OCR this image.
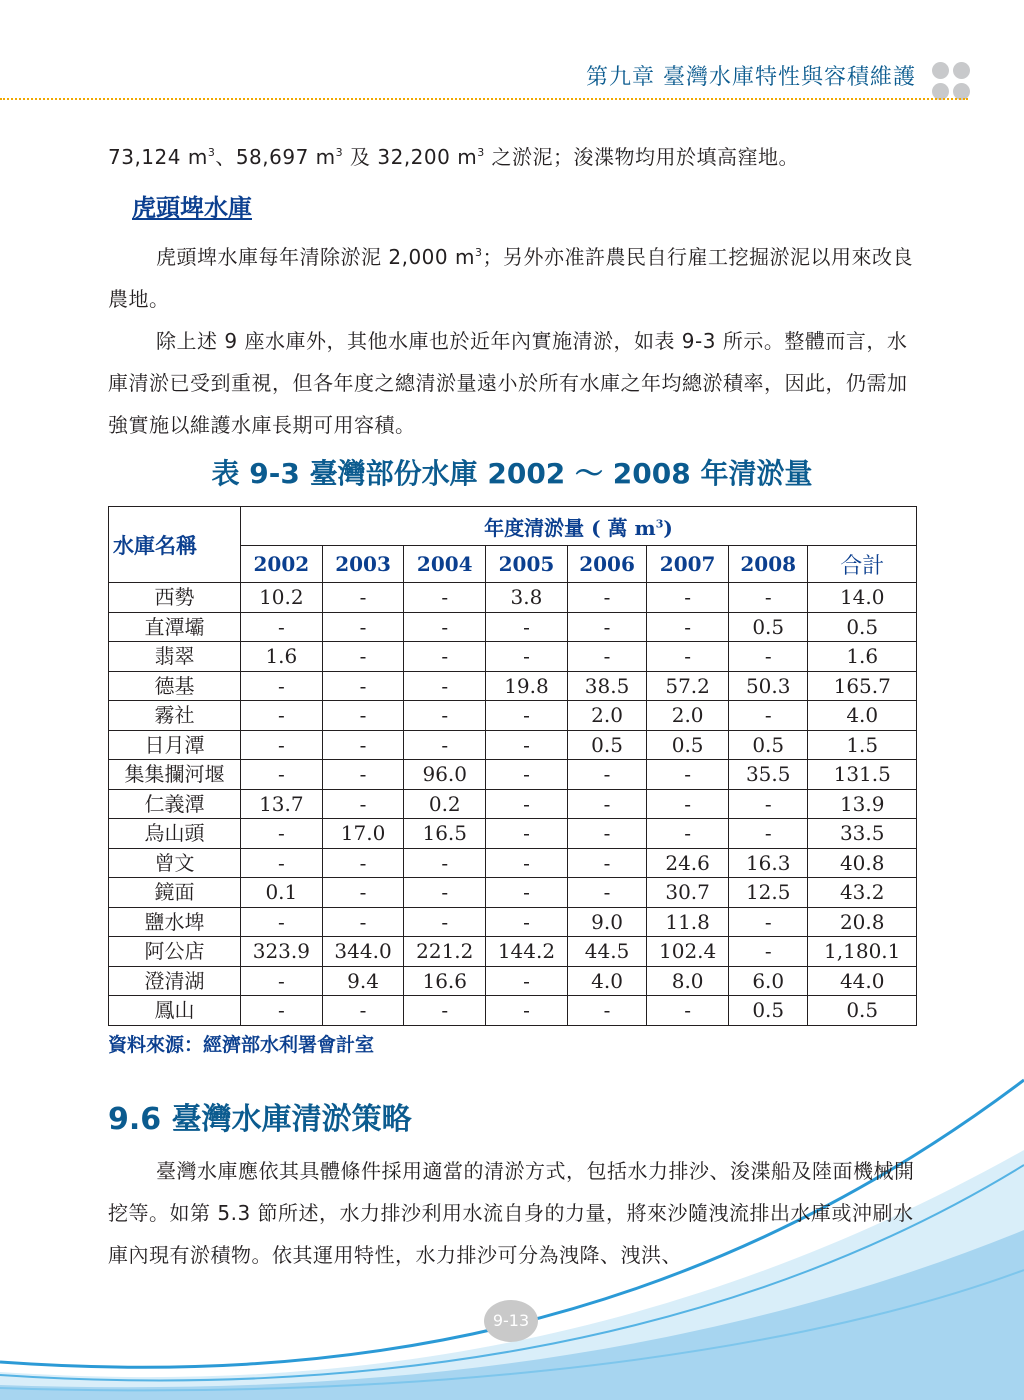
第九章 臺灣水庫特性與容積維護
73,124 $m^3$、58,697 $m^3$ 及 32,200 $m^3$ 之淤泥；浚渫物均用於填高窪地。
虎頭埤水庫
虎頭埤水庫每年清除淤泥 2,000 $m^3$；另外亦准許農民自行雇工挖掘淤泥以用來改良農地。
除上述 9 座水庫外，其他水庫也於近年內實施清淤，如表 9-3 所示。整體而言，水庫清淤已受到重視，但各年度之總清淤量遠小於所有水庫之年均總淤積率，因此，仍需加強實施以維護水庫長期可用容積。
表 9-3 臺灣部份水庫 2002 ～ 2008 年清淤量
水庫名稱	年度清淤量 ( 萬 $m^3$)							
	2002	2003	2004	2005	2006	2007	2008	合計
西勢	10.2	-	-	3.8	-	-	-	14.0
直潭壩	-	-	-	-	-	-	0.5	0.5
翡翠	1.6	-	-	-	-	-	-	1.6
德基	-	-	-	19.8	38.5	57.2	50.3	165.7
霧社	-	-	-	-	2.0	2.0	-	4.0
日月潭	-	-	-	-	0.5	0.5	0.5	1.5
集集攔河堰	-	-	96.0	-	-	-	35.5	131.5
仁義潭	13.7	-	0.2	-	-	-	-	13.9
烏山頭	-	17.0	16.5	-	-	-	-	33.5
曾文	-	-	-	-	-	24.6	16.3	40.8
鏡面	0.1	-	-	-	-	30.7	12.5	43.2
鹽水埤	-	-	-	-	9.0	11.8	-	20.8
阿公店	323.9	344.0	221.2	144.2	44.5	102.4	-	1,180.1
澄清湖	-	9.4	16.6	-	4.0	8.0	6.0	44.0
鳳山	-	-	-	-	-	-	0.5	0.5
資料來源：經濟部水利署會計室
9.6 臺灣水庫清淤策略
臺灣水庫應依其具體條件採用適當的清淤方式，包括水力排沙、浚渫船及陸面機械開挖等。如第 5.3 節所述，水力排沙利用水流自身的力量，將來沙隨洩流排出水庫或沖刷水庫內現有淤積物。依其運用特性，水力排沙可分為洩降、洩洪、
9-13
